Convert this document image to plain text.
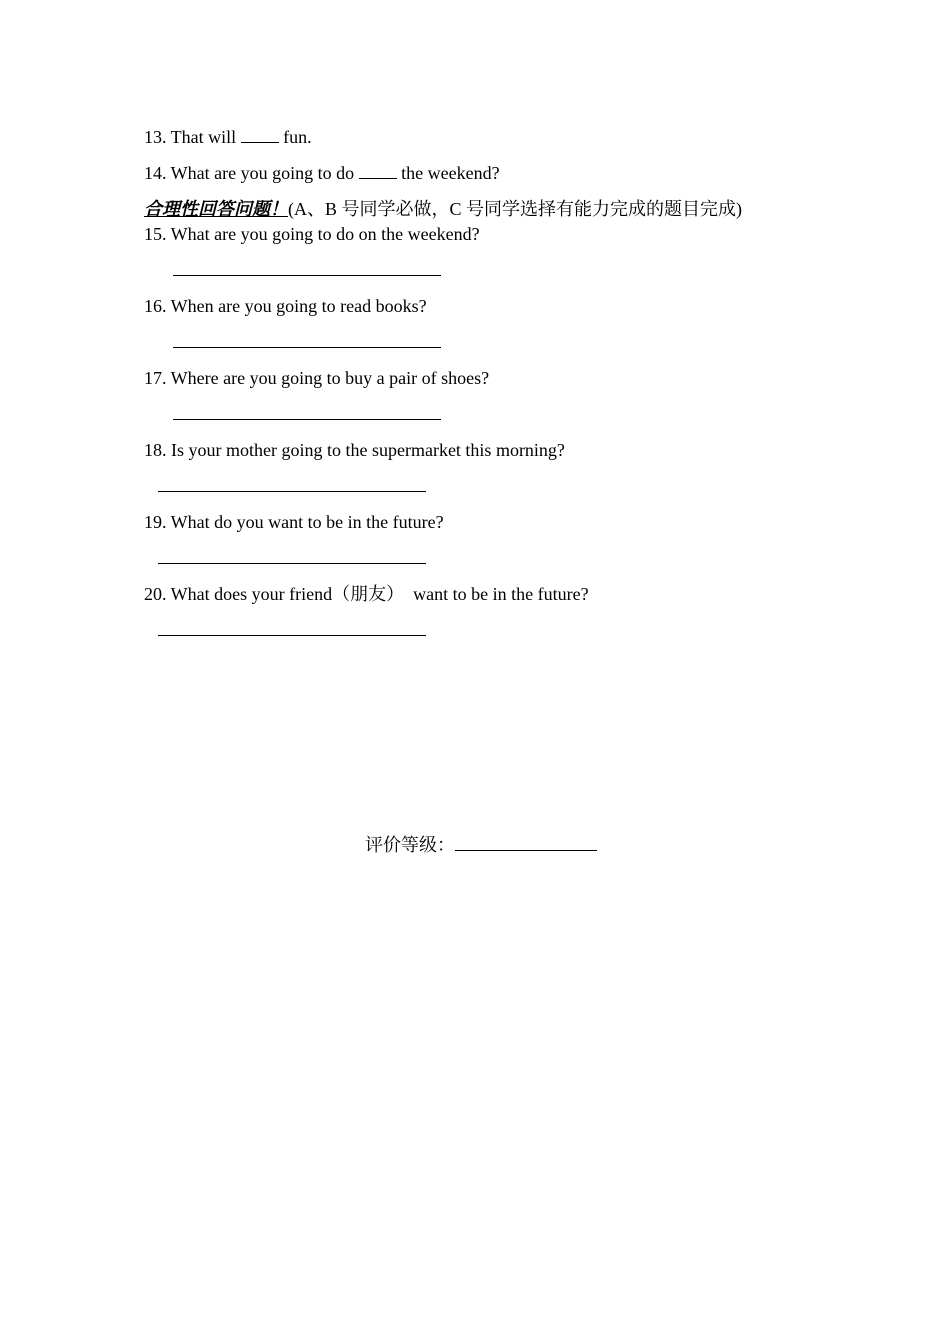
13. That will  fun.
14. What are you going to do  the weekend?
合理性回答问题！(A、B 号同学必做，C 号同学选择有能力完成的题目完成)
15. What are you going to do on the weekend?
16. When are you going to read books?
17. Where are you going to buy a pair of shoes?
18. Is your mother going to the supermarket this morning?
19. What do you want to be in the future?
20. What does your friend（朋友）  want to be in the future?
评价等级：
